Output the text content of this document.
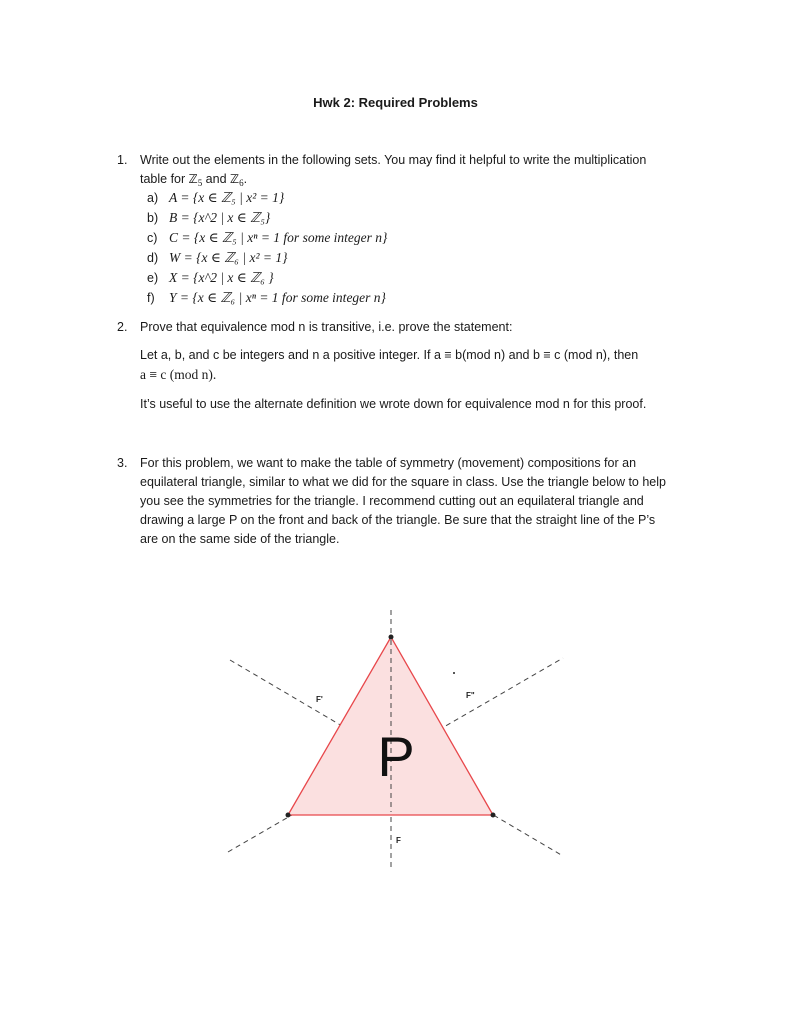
Hwk 2: Required Problems
1.	Write out the elements in the following sets. You may find it helpful to write the multiplication
table for ℤ$_5$ and ℤ$_6$.
a) A = {x ∈ ℤ₅ | x² = 1}
b) B = {x^2 | x ∈ ℤ₅}
c) C = {x ∈ ℤ₅ | xⁿ = 1 for some integer n}
d) W = {x ∈ ℤ₆ | x² = 1}
e) X = {x^2 | x ∈ ℤ₆ }
f) Y = {x ∈ ℤ₆ | xⁿ = 1 for some integer n}
2.	Prove that equivalence mod n is transitive, i.e. prove the statement:
Let a, b, and c be integers and n a positive integer. If a ≡ b(mod n) and b ≡ c (mod n), then
a ≡ c (mod n).
It’s useful to use the alternate definition we wrote down for equivalence mod n for this proof.
3.	For this problem, we want to make the table of symmetry (movement) compositions for an
equilateral triangle, similar to what we did for the square in class. Use the triangle below to help
you see the symmetries for the triangle. I recommend cutting out an equilateral triangle and
drawing a large P on the front and back of the triangle. Be sure that the straight line of the P’s
are on the same side of the triangle.
F'	F"
F
P
